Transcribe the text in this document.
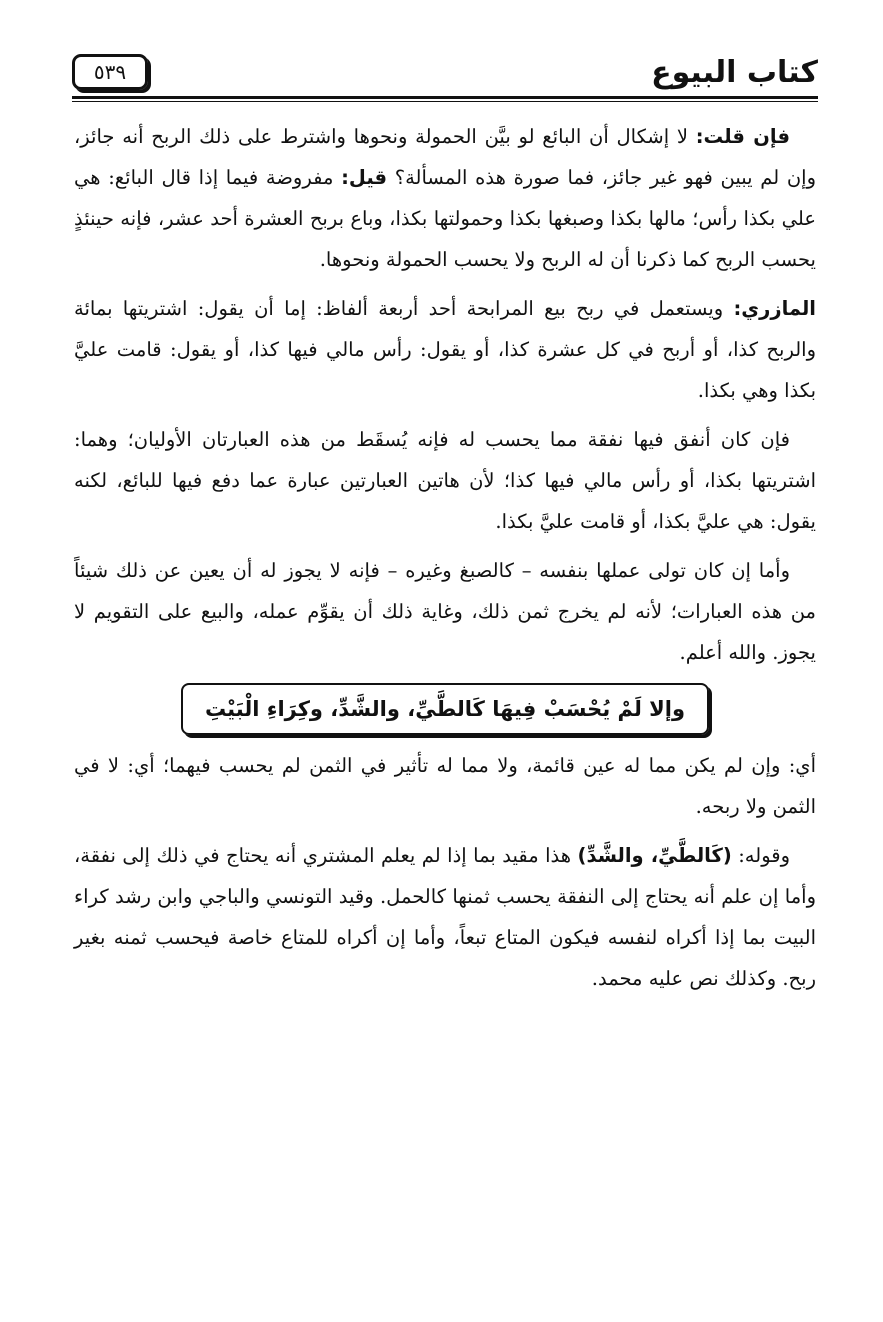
كتاب البيوع
٥٣٩

فإن قلت: لا إشكال أن البائع لو بيَّن الحمولة ونحوها واشترط على ذلك الربح أنه جائز، وإن لم يبين فهو غير جائز، فما صورة هذه المسألة؟ قيل: مفروضة فيما إذا قال البائع: هي علي بكذا رأس؛ مالها بكذا وصبغها بكذا وحمولتها بكذا، وباع بربح العشرة أحد عشر، فإنه حينئذٍ يحسب الربح كما ذكرنا أن له الربح ولا يحسب الحمولة ونحوها.

المازري: ويستعمل في ربح بيع المرابحة أحد أربعة ألفاظ: إما أن يقول: اشتريتها بمائة والربح كذا، أو أربح في كل عشرة كذا، أو يقول: رأس مالي فيها كذا، أو يقول: قامت عليَّ بكذا وهي بكذا.

فإن كان أنفق فيها نفقة مما يحسب له فإنه يُسقَط من هذه العبارتان الأوليان؛ وهما: اشتريتها بكذا، أو رأس مالي فيها كذا؛ لأن هاتين العبارتين عبارة عما دفع فيها للبائع، لكنه يقول: هي عليَّ بكذا، أو قامت عليَّ بكذا.

وأما إن كان تولى عملها بنفسه – كالصبغ وغيره – فإنه لا يجوز له أن يعين عن ذلك شيئاً من هذه العبارات؛ لأنه لم يخرج ثمن ذلك، وغاية ذلك أن يقوِّم عمله، والبيع على التقويم لا يجوز. والله أعلم.

وإلا لَمْ يُحْسَبْ فِيهَا كَالطَّيِّ، والشَّدِّ، وكِرَاءِ الْبَيْتِ

أي: وإن لم يكن مما له عين قائمة، ولا مما له تأثير في الثمن لم يحسب فيهما؛ أي: لا في الثمن ولا ربحه.

وقوله: (كَالطَّيِّ، والشَّدِّ) هذا مقيد بما إذا لم يعلم المشتري أنه يحتاج في ذلك إلى نفقة، وأما إن علم أنه يحتاج إلى النفقة يحسب ثمنها كالحمل. وقيد التونسي والباجي وابن رشد كراء البيت بما إذا أكراه لنفسه فيكون المتاع تبعاً، وأما إن أكراه للمتاع خاصة فيحسب ثمنه بغير ربح. وكذلك نص عليه محمد.
